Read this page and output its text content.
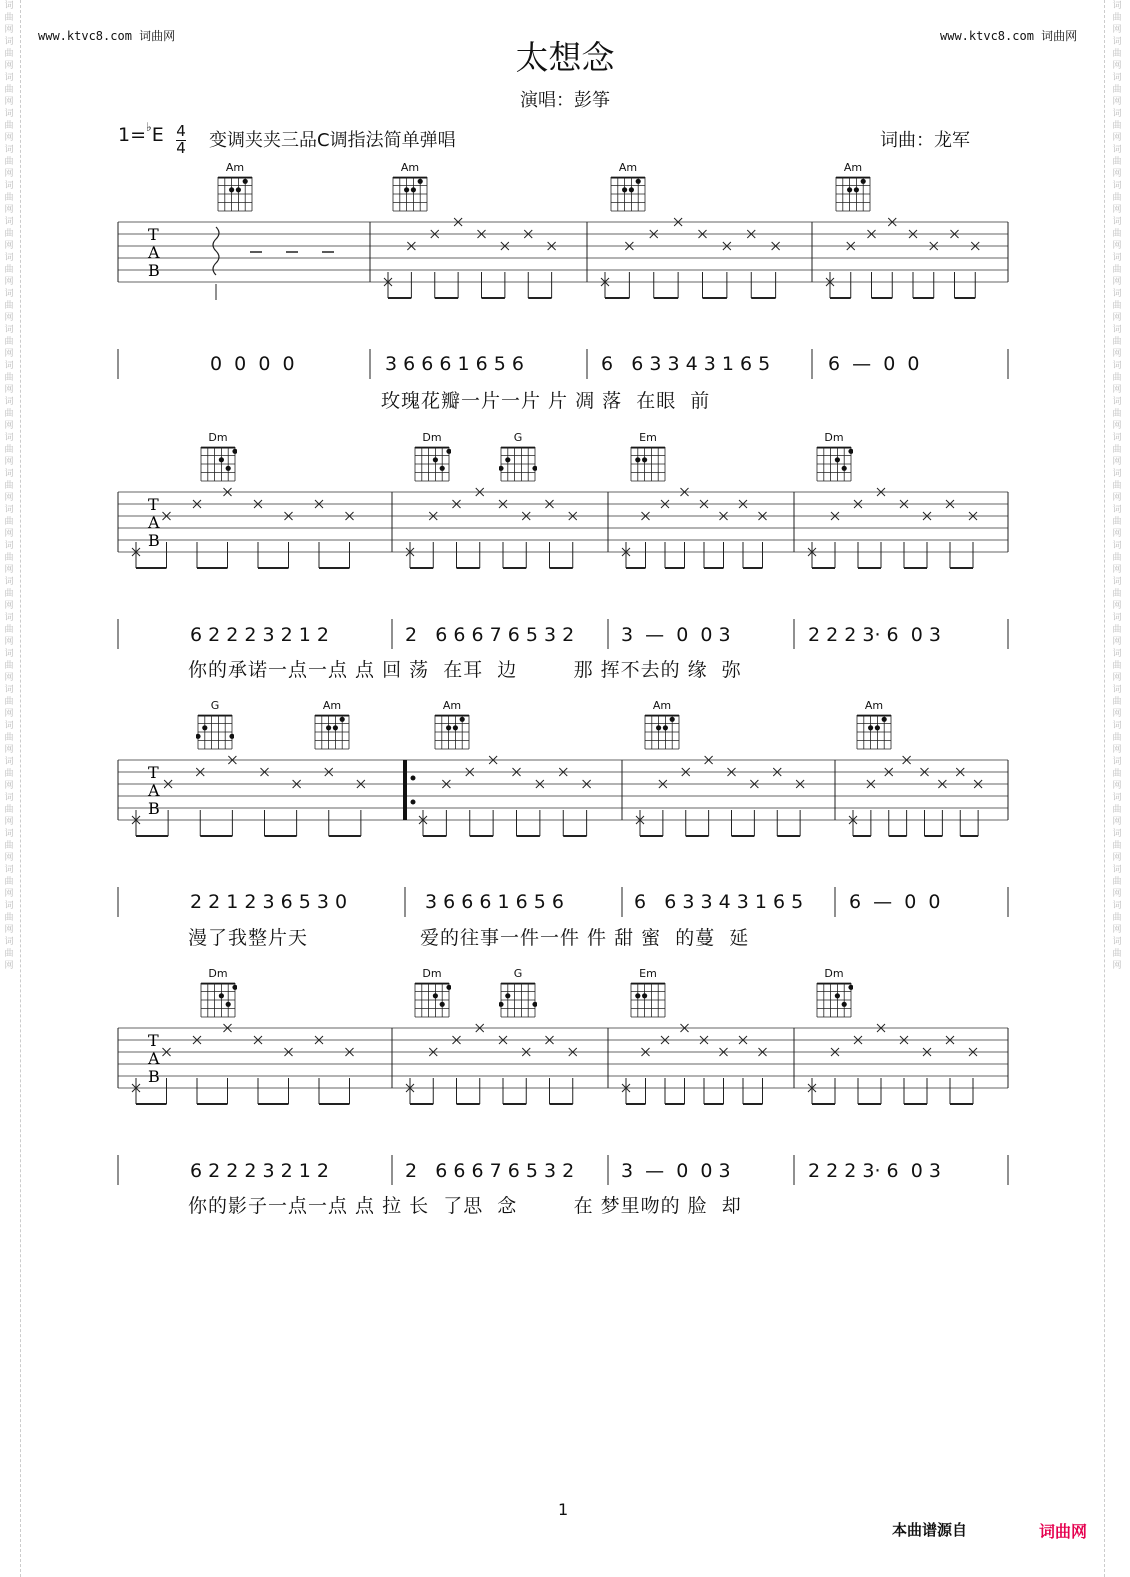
词曲网词曲网词曲网词曲网词曲网词曲网词曲网词曲网词曲网词曲网词曲网词曲网词曲网词曲网词曲网词曲网词曲网词曲网词曲网词曲网词曲网词曲网词曲网词曲网词曲网词曲网词曲网
词曲网词曲网词曲网词曲网词曲网词曲网词曲网词曲网词曲网词曲网词曲网词曲网词曲网词曲网词曲网词曲网词曲网词曲网词曲网词曲网词曲网词曲网词曲网词曲网词曲网词曲网词曲网
www.ktvc8.com 词曲网	www.ktvc8.com 词曲网
太想念
演唱：彭筝
1=♭E 4
4 变调夹夹三品C调指法简单弹唱	词曲：龙军
T
A
B
T
A
B
T
A
B
T
A
B
Am	Am	Am	Am
Dm	Dm	G	Em	Dm
G	Am	Am	Am	Am
Dm	Dm	G	Em	Dm
0  0  0  0	3 6 6 6 1 6 5 6	6   6 3 3 4 3 1 6 5	6  —  0  0
玫瑰花瓣一片一片 片 凋 落  在眼  前
6 2 2 2 3 2 1 2	2   6 6 6 7 6 5 3 2 3  —  0  0 3	2 2 2 3· 6  0 3
你的承诺一点一点 点 回 荡  在耳  边        那 挥不去的 缘  弥
2 2 1 2 3 6 5 3 0	3 6 6 6 1 6 5 6	6   6 3 3 4 3 1 6 5 6  —  0  0
漫了我整片天	爱的往事一件一件 件 甜 蜜  的蔓  延
6 2 2 2 3 2 1 2	2   6 6 6 7 6 5 3 2 3  —  0  0 3	2 2 2 3· 6  0 3
你的影子一点一点 点 拉 长  了思  念        在 梦里吻的 脸  却
1
本曲谱源自	词曲网
